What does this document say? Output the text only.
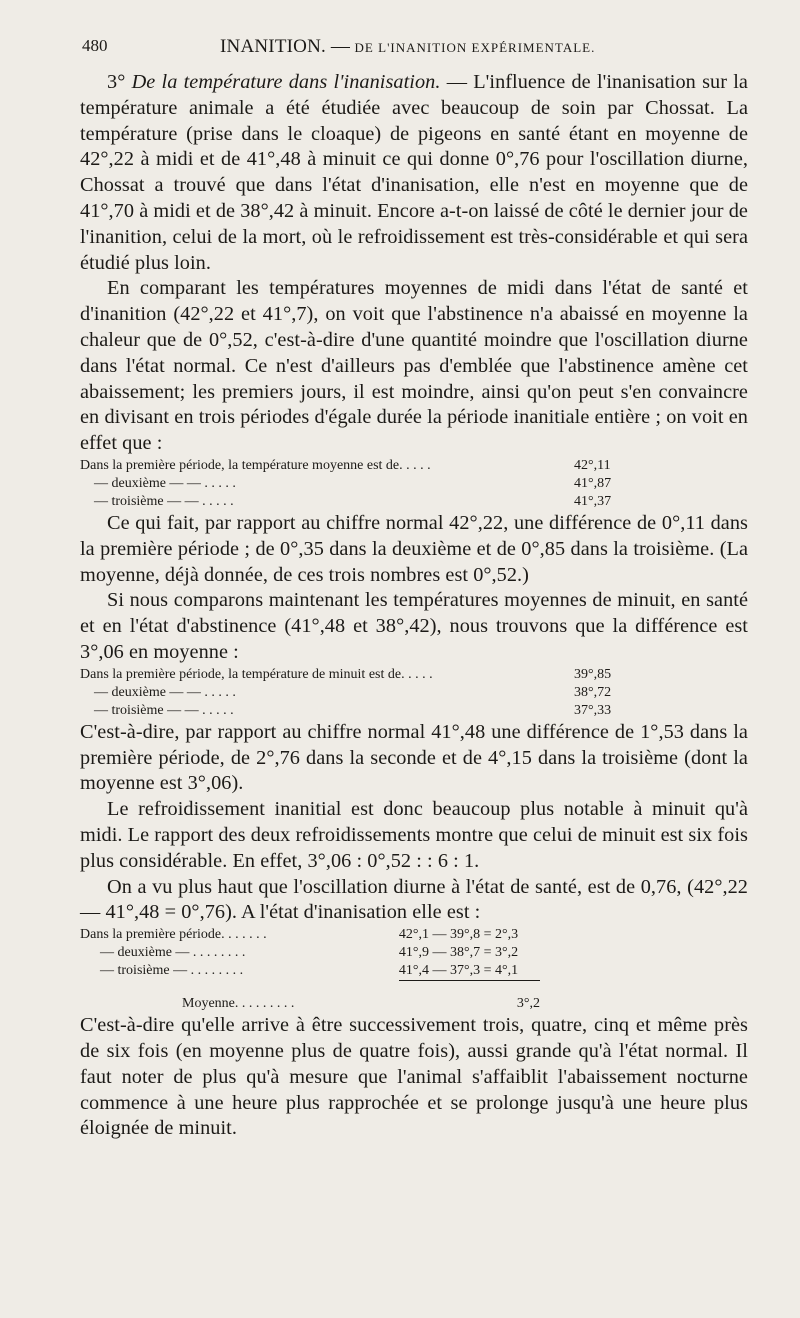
480	INANITION. — DE L'INANITION EXPÉRIMENTALE.

3° De la température dans l'inanisation. — L'influence de l'inanisation sur la température animale a été étudiée avec beaucoup de soin par Chossat. La température (prise dans le cloaque) de pigeons en santé étant en moyenne de 42°,22 à midi et de 41°,48 à minuit ce qui donne 0°,76 pour l'oscillation diurne, Chossat a trouvé que dans l'état d'inanisation, elle n'est en moyenne que de 41°,70 à midi et de 38°,42 à minuit. Encore a-t-on laissé de côté le dernier jour de l'inanition, celui de la mort, où le refroidissement est très-considérable et qui sera étudié plus loin.

En comparant les températures moyennes de midi dans l'état de santé et d'inanition (42°,22 et 41°,7), on voit que l'abstinence n'a abaissé en moyenne la chaleur que de 0°,52, c'est-à-dire d'une quantité moindre que l'oscillation diurne dans l'état normal. Ce n'est d'ailleurs pas d'emblée que l'abstinence amène cet abaissement; les premiers jours, il est moindre, ainsi qu'on peut s'en convaincre en divisant en trois périodes d'égale durée la période inanitiale entière ; on voit en effet que :

Dans la première période, la température moyenne est de. . . . .	42°,11
— deuxième — — . . . . .	41°,87
— troisième — — . . . . .	41°,37

Ce qui fait, par rapport au chiffre normal 42°,22, une différence de 0°,11 dans la première période ; de 0°,35 dans la deuxième et de 0°,85 dans la troisième. (La moyenne, déjà donnée, de ces trois nombres est 0°,52.)

Si nous comparons maintenant les températures moyennes de minuit, en santé et en l'état d'abstinence (41°,48 et 38°,42), nous trouvons que la différence est 3°,06 en moyenne :

Dans la première période, la température de minuit est de. . . . .	39°,85
— deuxième — — . . . . .	38°,72
— troisième — — . . . . .	37°,33

C'est-à-dire, par rapport au chiffre normal 41°,48 une différence de 1°,53 dans la première période, de 2°,76 dans la seconde et de 4°,15 dans la troisième (dont la moyenne est 3°,06).

Le refroidissement inanitial est donc beaucoup plus notable à minuit qu'à midi. Le rapport des deux refroidissements montre que celui de minuit est six fois plus considérable. En effet, 3°,06 : 0°,52 : : 6 : 1.

On a vu plus haut que l'oscillation diurne à l'état de santé, est de 0,76, (42°,22 — 41°,48 = 0°,76). A l'état d'inanisation elle est :

Dans la première période. . . . . . .	42°,1 — 39°,8 = 2°,3
— deuxième — . . . . . . . .	41°,9 — 38°,7 = 3°,2
— troisième — . . . . . . . .	41°,4 — 37°,3 = 4°,1
Moyenne. . . . . . . . .	3°,2

C'est-à-dire qu'elle arrive à être successivement trois, quatre, cinq et même près de six fois (en moyenne plus de quatre fois), aussi grande qu'à l'état normal. Il faut noter de plus qu'à mesure que l'animal s'affaiblit l'abaissement nocturne commence à une heure plus rapprochée et se prolonge jusqu'à une heure plus éloignée de minuit.
